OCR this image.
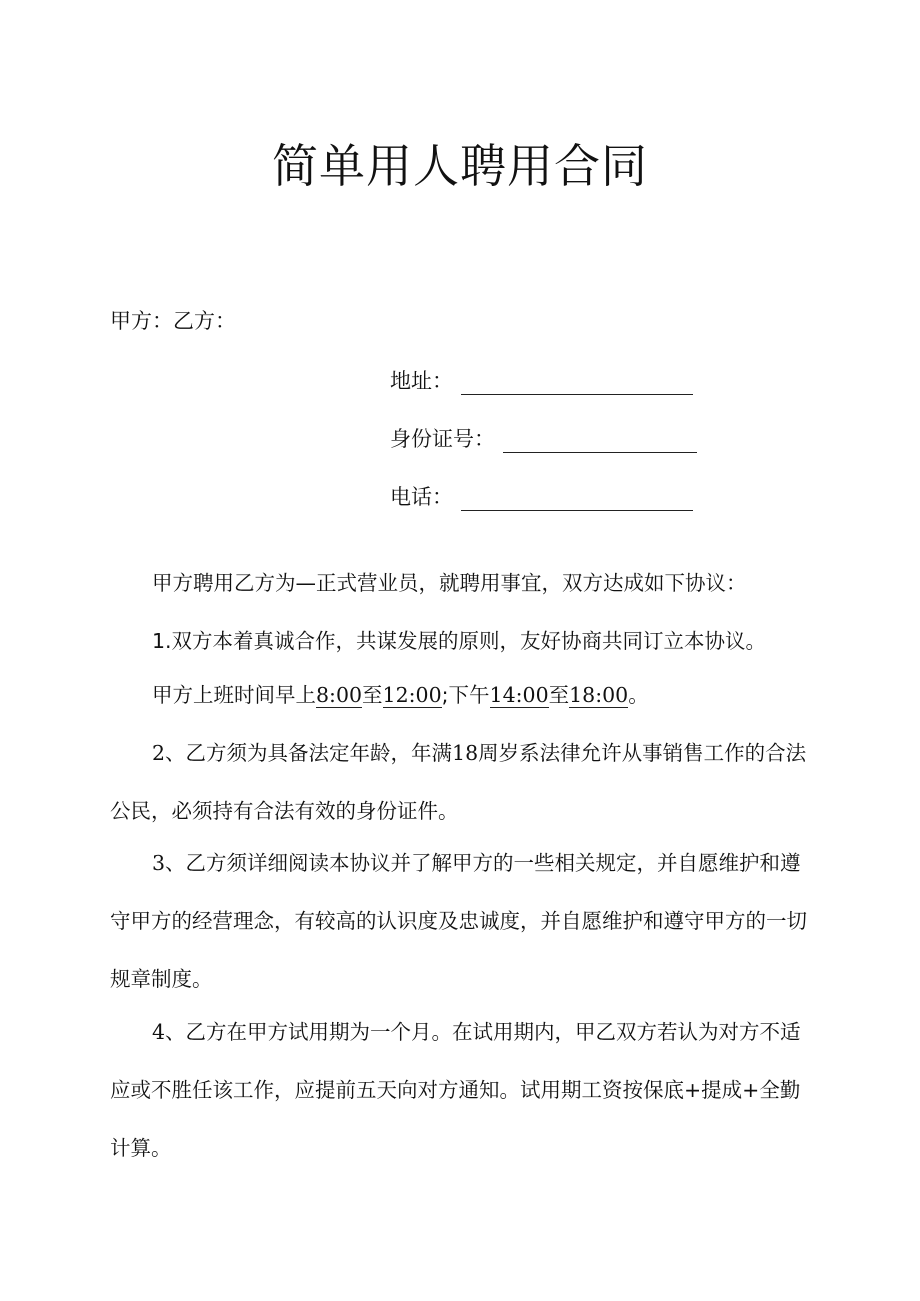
简单用人聘用合同
甲方：乙方：
地址：
身份证号：
电话：

甲方聘用乙方为—正式营业员，就聘用事宜，双方达成如下协议：

1.双方本着真诚合作，共谋发展的原则，友好协商共同订立本协议。

甲方上班时间早上8:00至12:00;下午14:00至18:00。

2、乙方须为具备法定年龄，年满18周岁系法律允许从事销售工作的合法公民，必须持有合法有效的身份证件。

3、乙方须详细阅读本协议并了解甲方的一些相关规定，并自愿维护和遵守甲方的经营理念，有较高的认识度及忠诚度，并自愿维护和遵守甲方的一切规章制度。

4、乙方在甲方试用期为一个月。在试用期内，甲乙双方若认为对方不适应或不胜任该工作，应提前五天向对方通知。试用期工资按保底+提成+全勤计算。
